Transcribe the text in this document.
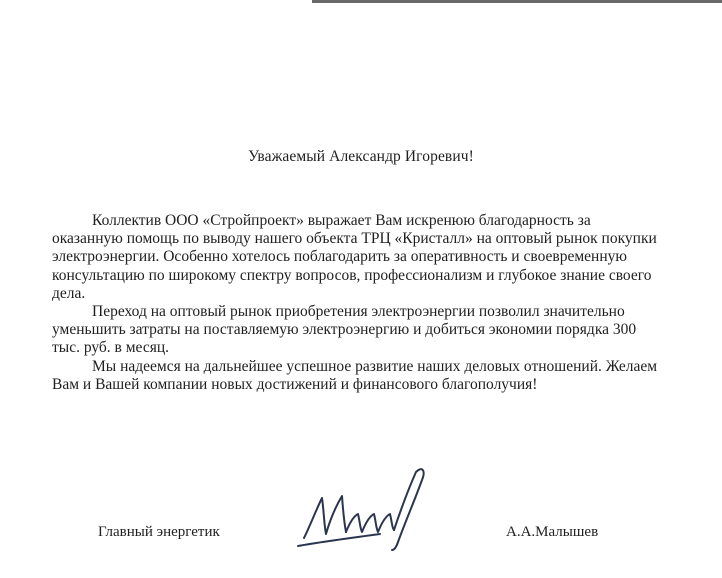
Уважаемый Александр Игоревич!

Коллектив ООО «Стройпроект» выражает Вам искренюю благодарность за оказанную помощь по выводу нашего объекта ТРЦ «Кристалл» на оптовый рынок покупки электроэнергии. Особенно хотелось поблагодарить за оперативность и своевременную консультацию по широкому спектру вопросов, профессионализм и глубокое знание своего дела.

Переход на оптовый рынок приобретения электроэнергии позволил значительно уменьшить затраты на поставляемую электроэнергию и добиться экономии порядка 300 тыс. руб. в месяц.

Мы надеемся на дальнейшее успешное развитие наших деловых отношений. Желаем Вам и Вашей компании новых достижений и финансового благополучия!

Главный энергетик	А.А.Малышев
